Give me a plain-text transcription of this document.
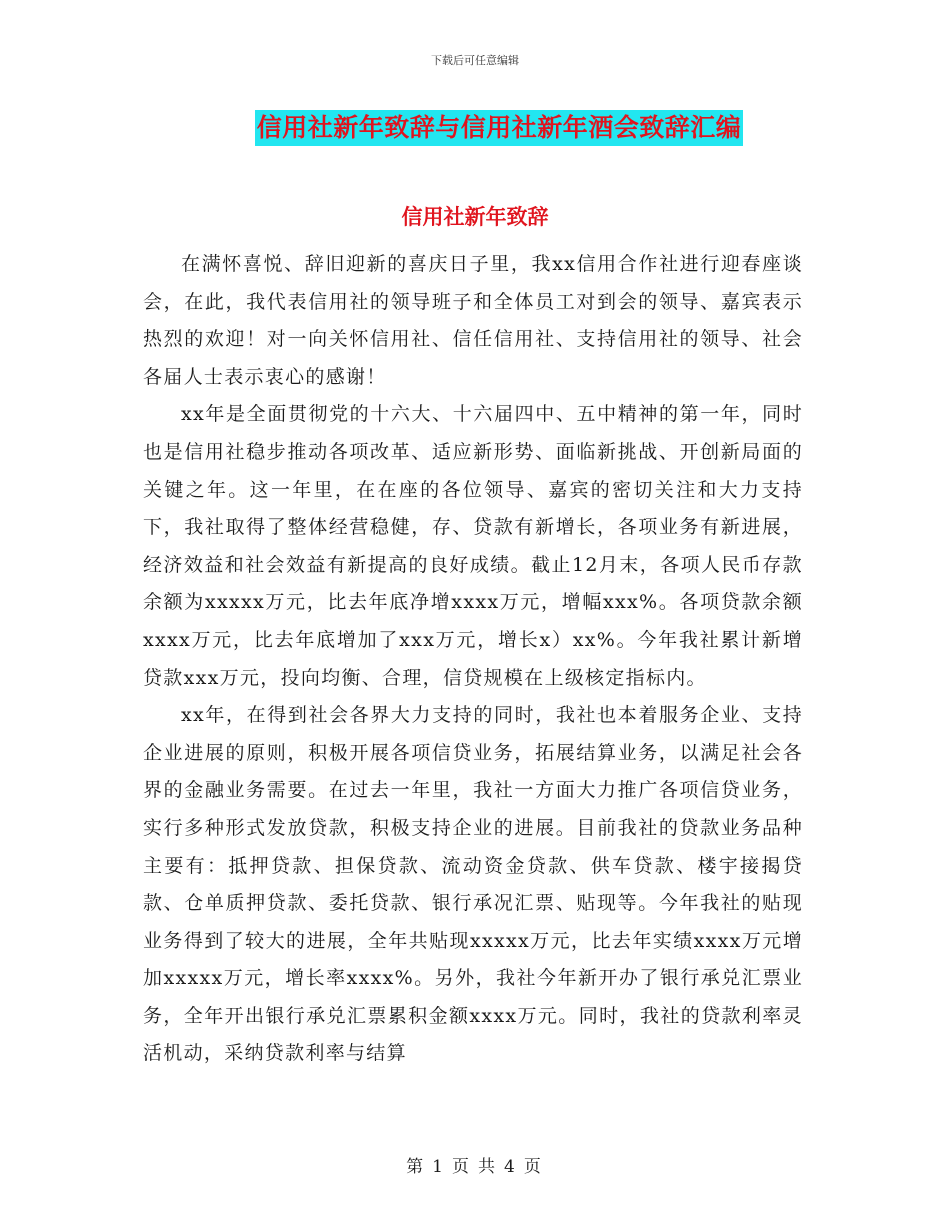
下载后可任意编辑
信用社新年致辞与信用社新年酒会致辞汇编
信用社新年致辞

在满怀喜悦、辞旧迎新的喜庆日子里，我xx信用合作社进行迎春座谈会，在此，我代表信用社的领导班子和全体员工对到会的领导、嘉宾表示热烈的欢迎！对一向关怀信用社、信任信用社、支持信用社的领导、社会各届人士表示衷心的感谢！

xx年是全面贯彻党的十六大、十六届四中、五中精神的第一年，同时也是信用社稳步推动各项改革、适应新形势、面临新挑战、开创新局面的关键之年。这一年里，在在座的各位领导、嘉宾的密切关注和大力支持下，我社取得了整体经营稳健，存、贷款有新增长，各项业务有新进展，经济效益和社会效益有新提高的良好成绩。截止12月末，各项人民币存款余额为xxxxx万元，比去年底净增xxxx万元，增幅xxx%。各项贷款余额xxxx万元，比去年底增加了xxx万元，增长x）xx%。今年我社累计新增贷款xxx万元，投向均衡、合理，信贷规模在上级核定指标内。

xx年，在得到社会各界大力支持的同时，我社也本着服务企业、支持企业进展的原则，积极开展各项信贷业务，拓展结算业务，以满足社会各界的金融业务需要。在过去一年里，我社一方面大力推广各项信贷业务，实行多种形式发放贷款，积极支持企业的进展。目前我社的贷款业务品种主要有：抵押贷款、担保贷款、流动资金贷款、供车贷款、楼宇接揭贷款、仓单质押贷款、委托贷款、银行承况汇票、贴现等。今年我社的贴现业务得到了较大的进展，全年共贴现xxxxx万元，比去年实绩xxxx万元增加xxxxx万元，增长率xxxx%。另外，我社今年新开办了银行承兑汇票业务，全年开出银行承兑汇票累积金额xxxx万元。同时，我社的贷款利率灵活机动，采纳贷款利率与结算

第 1 页 共 4 页
